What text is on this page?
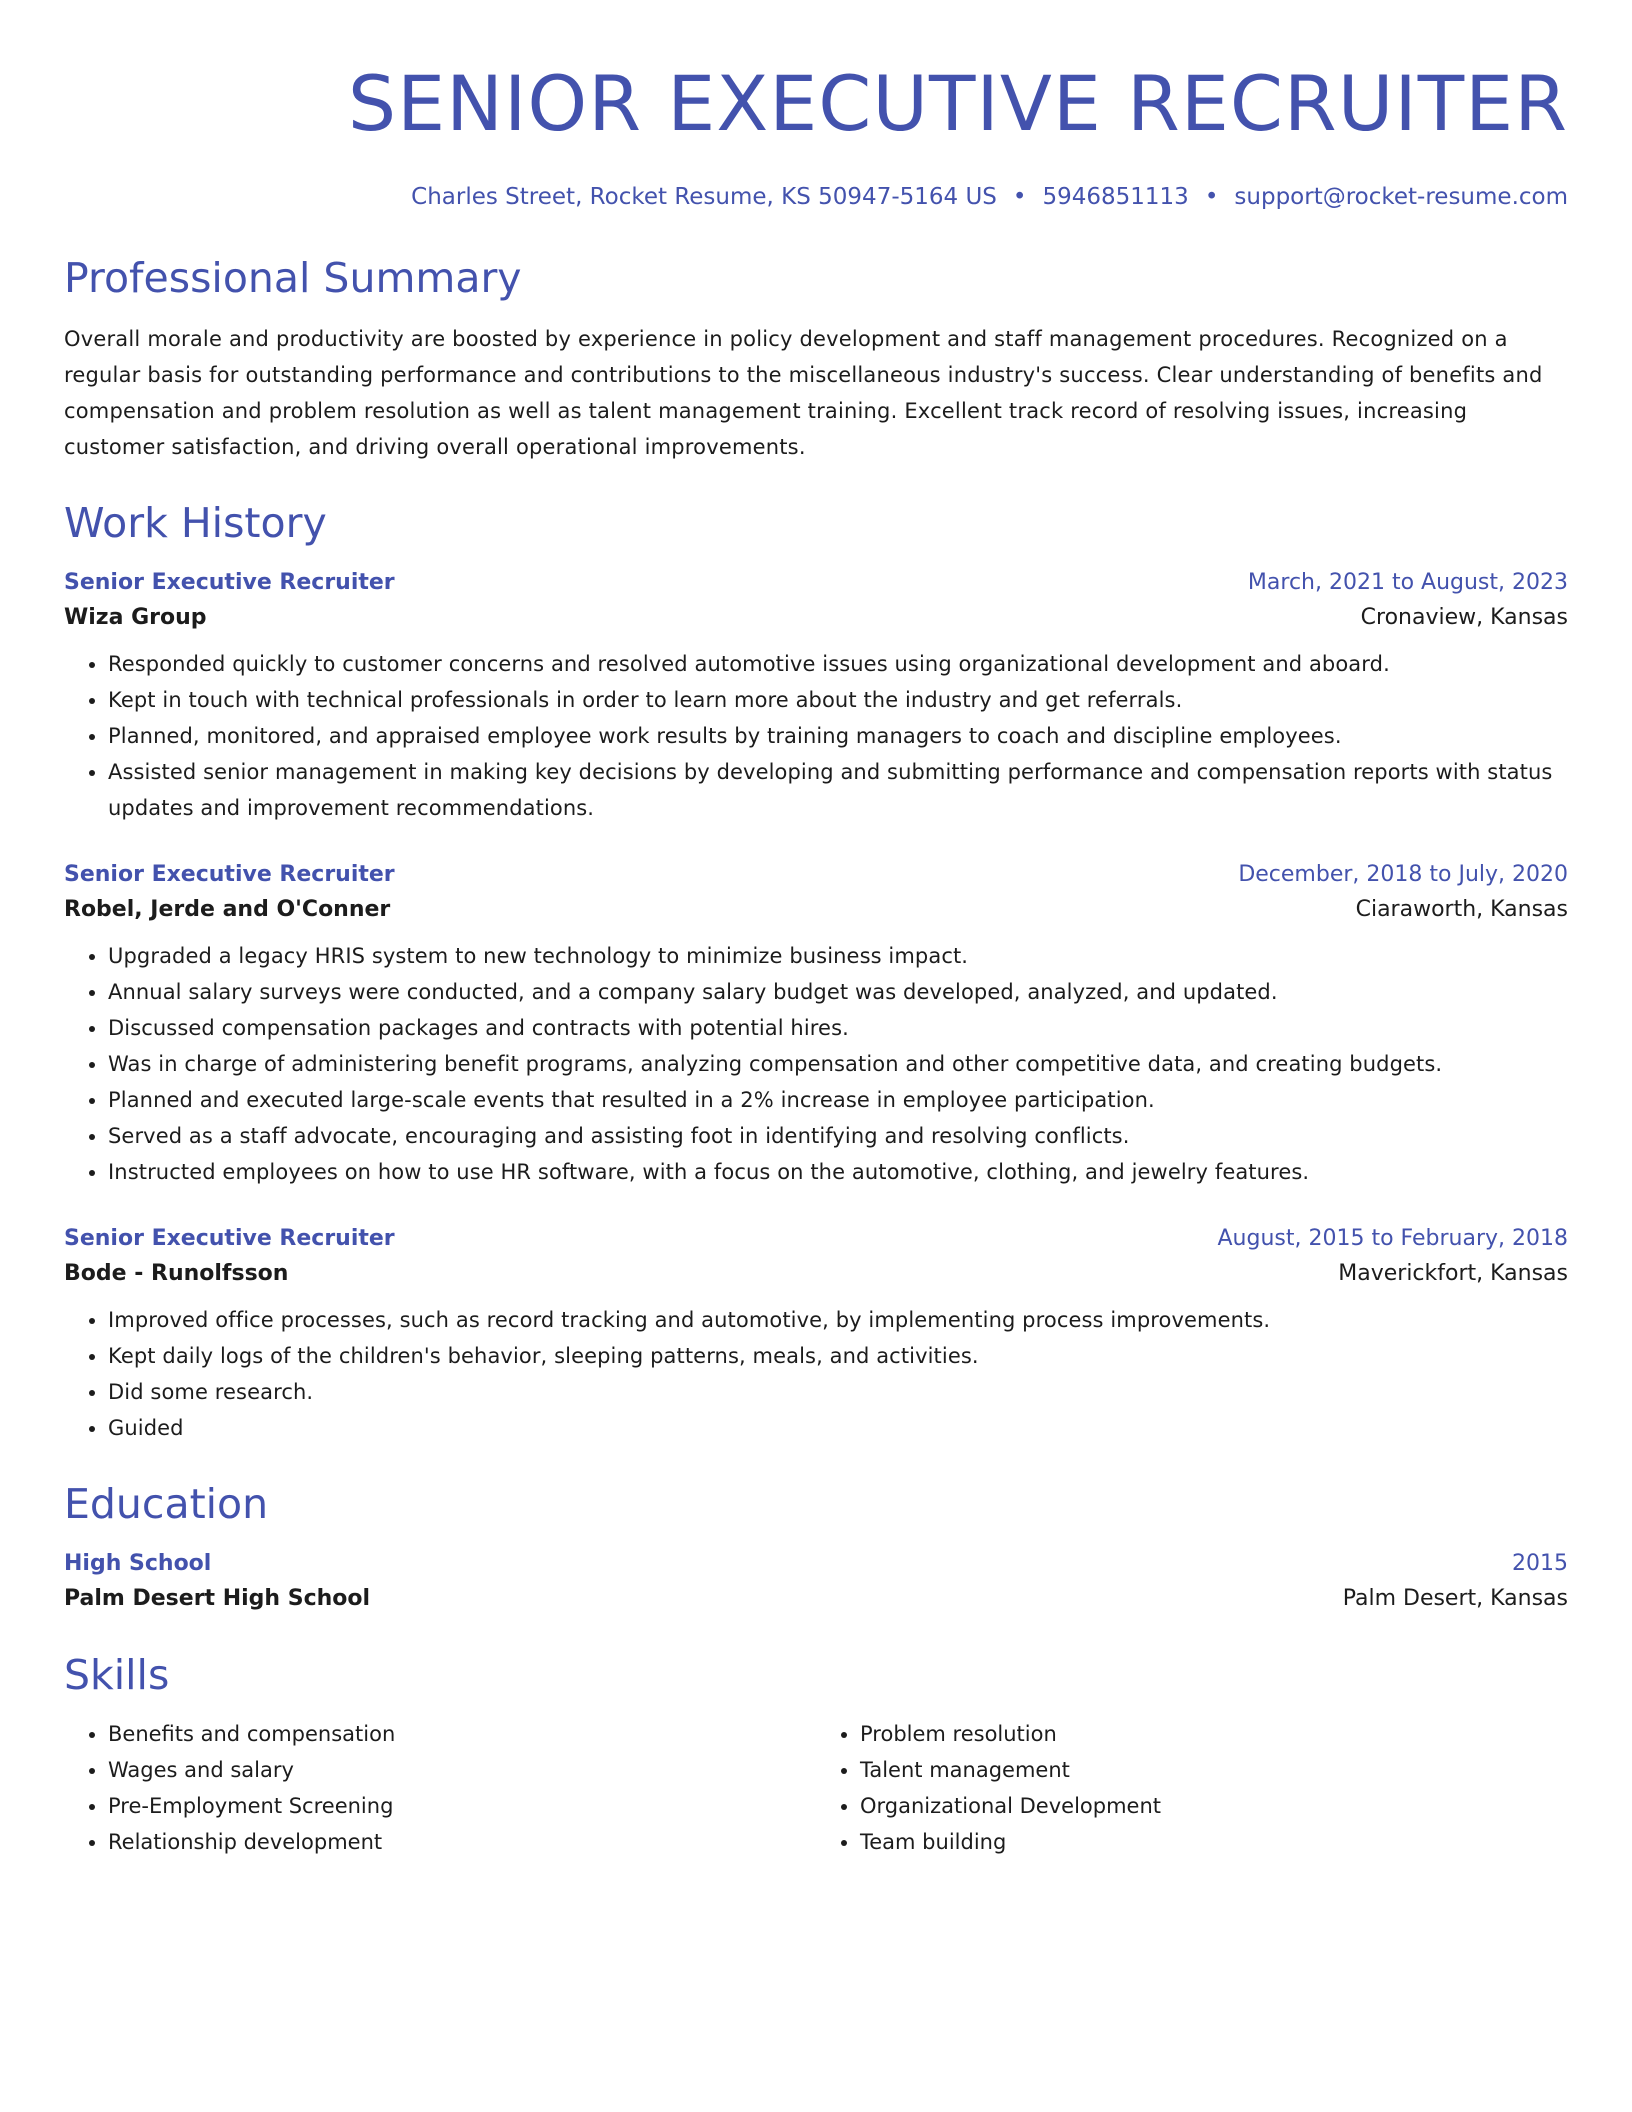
SENIOR EXECUTIVE RECRUITER
Charles Street, Rocket Resume, KS 50947-5164 US • 5946851113 • support@rocket-resume.com
Professional Summary

Overall morale and productivity are boosted by experience in policy development and staff management procedures. Recognized on a regular basis for outstanding performance and contributions to the miscellaneous industry's success. Clear understanding of benefits and compensation and problem resolution as well as talent management training. Excellent track record of resolving issues, increasing customer satisfaction, and driving overall operational improvements.

Work History
Senior Executive Recruiter	March, 2021 to August, 2023
Wiza Group	Cronaview, Kansas
• Responded quickly to customer concerns and resolved automotive issues using organizational development and aboard.
• Kept in touch with technical professionals in order to learn more about the industry and get referrals.
• Planned, monitored, and appraised employee work results by training managers to coach and discipline employees.
• Assisted senior management in making key decisions by developing and submitting performance and compensation reports with status updates and improvement recommendations.
Senior Executive Recruiter	December, 2018 to July, 2020
Robel, Jerde and O'Conner	Ciaraworth, Kansas
• Upgraded a legacy HRIS system to new technology to minimize business impact.
• Annual salary surveys were conducted, and a company salary budget was developed, analyzed, and updated.
• Discussed compensation packages and contracts with potential hires.
• Was in charge of administering benefit programs, analyzing compensation and other competitive data, and creating budgets.
• Planned and executed large-scale events that resulted in a 2% increase in employee participation.
• Served as a staff advocate, encouraging and assisting foot in identifying and resolving conflicts.
• Instructed employees on how to use HR software, with a focus on the automotive, clothing, and jewelry features.
Senior Executive Recruiter	August, 2015 to February, 2018
Bode - Runolfsson	Maverickfort, Kansas
• Improved office processes, such as record tracking and automotive, by implementing process improvements.
• Kept daily logs of the children's behavior, sleeping patterns, meals, and activities.
• Did some research.
• Guided
Education
High School	2015
Palm Desert High School	Palm Desert, Kansas
Skills
• Benefits and compensation
• Wages and salary
• Pre-Employment Screening
• Relationship development
• Problem resolution
• Talent management
• Organizational Development
• Team building
